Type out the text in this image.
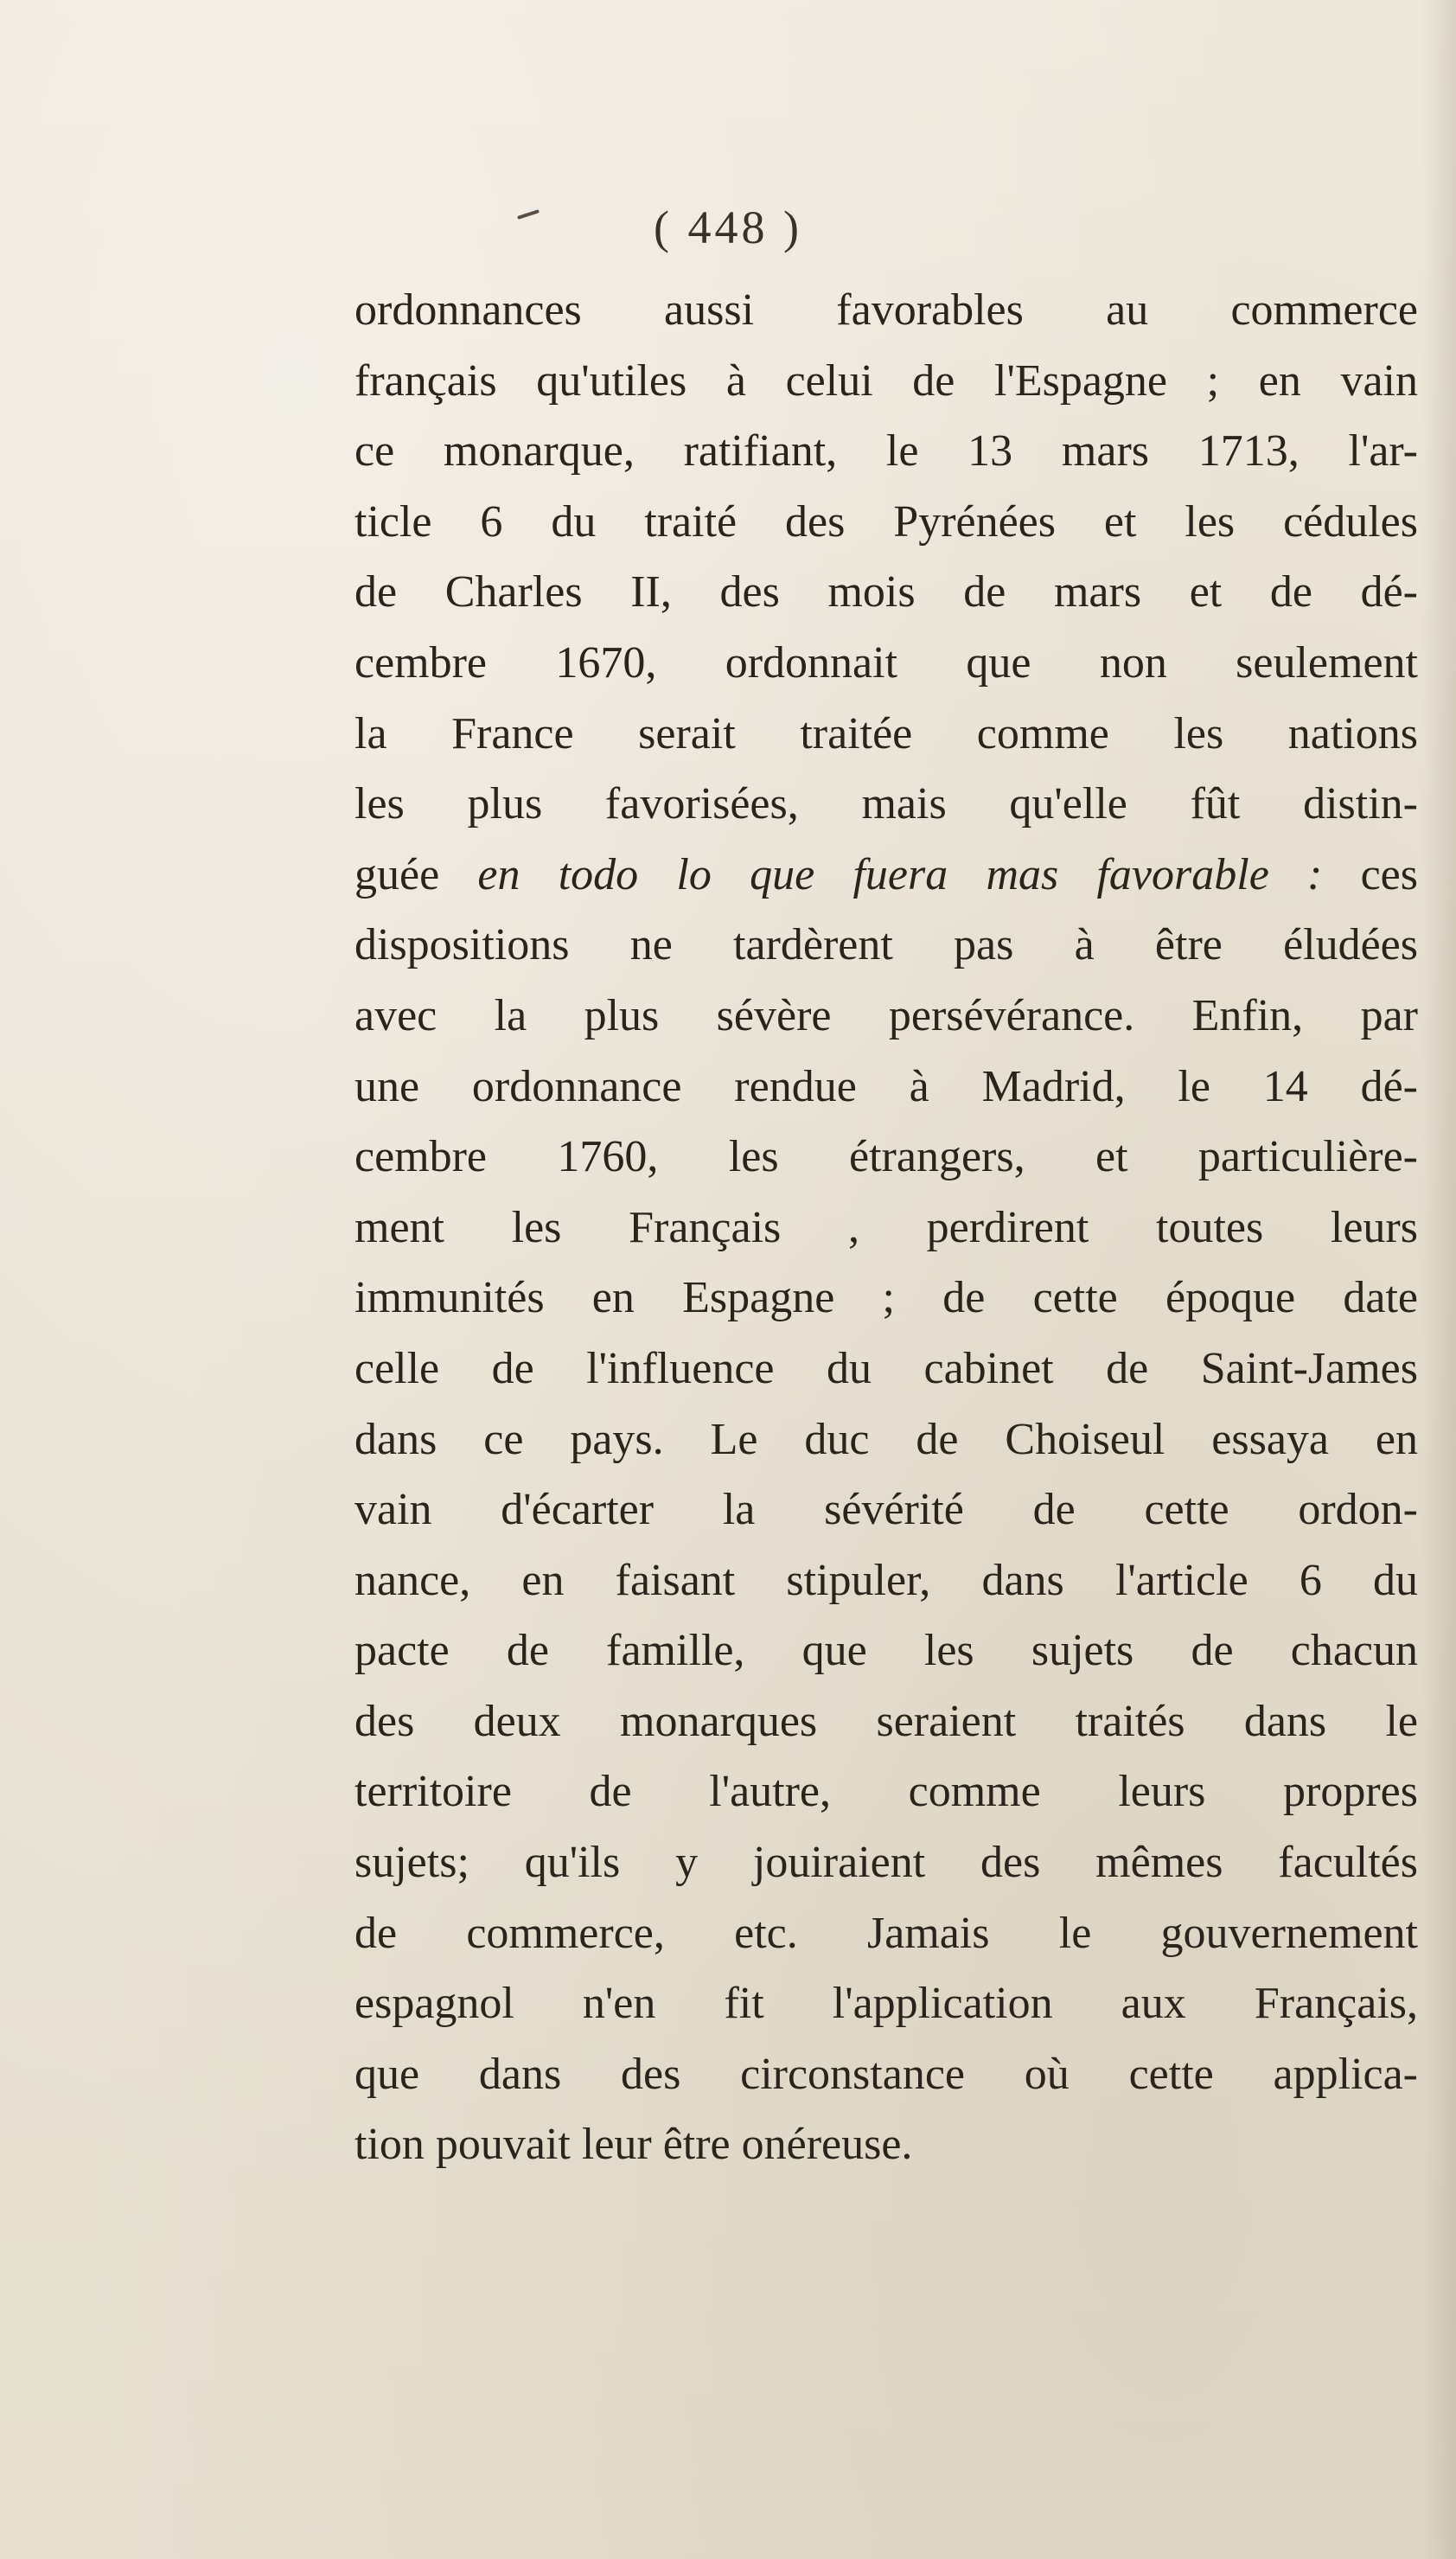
( 448 )
ordonnances aussi favorables au commerce
français qu'utiles à celui de l'Espagne ; en vain
ce monarque, ratifiant, le 13 mars 1713, l'ar-
ticle 6 du traité des Pyrénées et les cédules
de Charles II, des mois de mars et de dé-
cembre 1670, ordonnait que non seulement
la France serait traitée comme les nations
les plus favorisées, mais qu'elle fût distin-
guée en todo lo que fuera mas favorable : ces
dispositions ne tardèrent pas à être éludées
avec la plus sévère persévérance. Enfin, par
une ordonnance rendue à Madrid, le 14 dé-
cembre 1760, les étrangers, et particulière-
ment les Français , perdirent toutes leurs
immunités en Espagne ; de cette époque date
celle de l'influence du cabinet de Saint-James
dans ce pays. Le duc de Choiseul essaya en
vain d'écarter la sévérité de cette ordon-
nance, en faisant stipuler, dans l'article 6 du
pacte de famille, que les sujets de chacun
des deux monarques seraient traités dans le
territoire de l'autre, comme leurs propres
sujets; qu'ils y jouiraient des mêmes facultés
de commerce, etc. Jamais le gouvernement
espagnol n'en fit l'application aux Français,
que dans des circonstance où cette applica-
tion pouvait leur être onéreuse.
